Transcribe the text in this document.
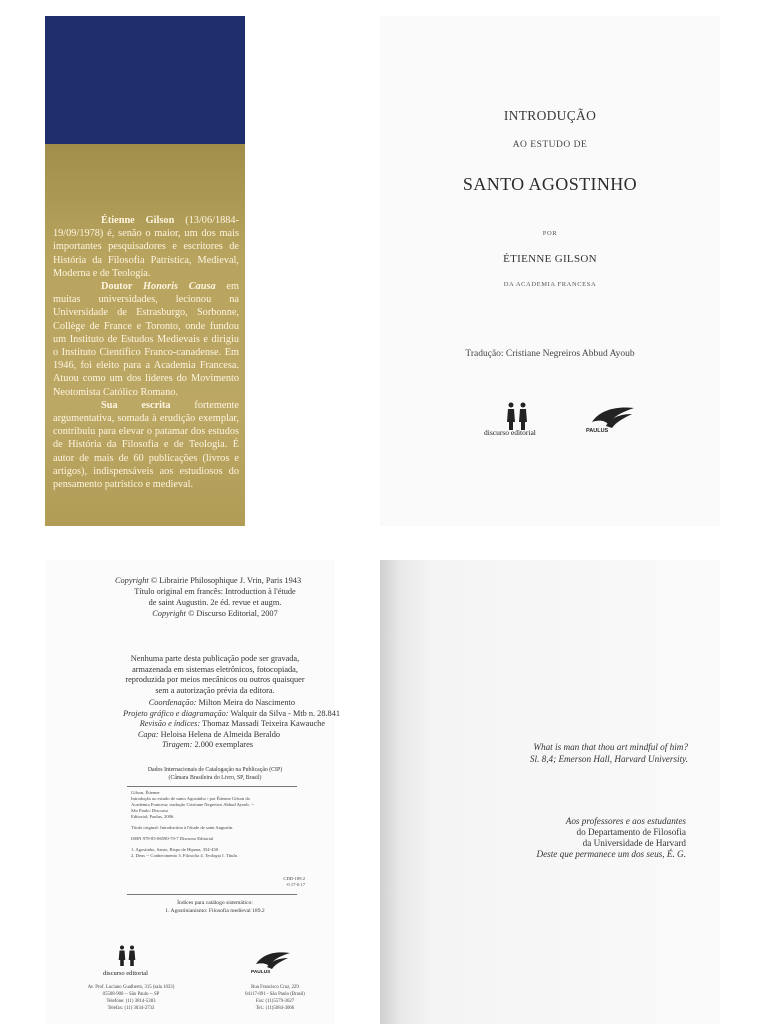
Étienne Gilson (13/06/1884-19/09/1978) é, senão o maior, um dos mais importantes pesquisadores e escritores de História da Filosofia Patrística, Medieval, Moderna e de Teologia.

Doutor Honoris Causa em muitas universidades, lecionou na Universidade de Estrasburgo, Sorbonne, Collège de France e Toronto, onde fundou um Instituto de Estudos Medievais e dirigiu o Instituto Científico Franco-canadense. Em 1946, foi eleito para a Academia Francesa. Atuou como um dos líderes do Movimento Neotomista Católico Romano.

Sua escrita fortemente argumentativa, somada à erudição exemplar, contribuiu para elevar o patamar dos estudos de História da Filosofia e de Teologia. É autor de mais de 60 publicações (livros e artigos), indispensáveis aos estudiosos do pensamento patrístico e medieval.

INTRODUÇÃO
AO ESTUDO DE
SANTO AGOSTINHO
POR
ÉTIENNE GILSON
DA ACADEMIA FRANCESA
Tradução: Cristiane Negreiros Abbud Ayoub
discurso editorial	PAULUS
Copyright © Librairie Philosophique J. Vrin, Paris 1943
Título original em francês: Introduction à l'étude
de saint Augustin. 2e éd. revue et augm.
Copyright © Discurso Editorial, 2007
Nenhuma parte desta publicação pode ser gravada,
armazenada em sistemas eletrônicos, fotocopiada,
reproduzida por meios mecânicos ou outros quaisquer
sem a autorização prévia da editora.
Coordenação: Milton Meira do Nascimento
Projeto gráfico e diagramação: Walquir da Silva - Mtb n. 28.841
Revisão e índices: Thomaz Massadi Teixeira Kawauche
Capa: Heloisa Helena de Almeida Beraldo
Tiragem: 2.000 exemplares
Dados Internacionais de Catalogação na Publicação (CIP)
(Câmara Brasileira do Livro, SP, Brasil)
Gilson, Étienne
Introdução ao estudo de santo Agostinho / por Étienne Gilson da
Academia Francesa; tradução Cristiane Negreiros Abbud Ayoub. --
São Paulo: Discurso
Editorial; Paulus, 2006.
Título original: Introduction à l'étude de saint Augustin.
ISBN 978-85-86590-70-7 Discurso Editorial
1. Agostinho, Santo, Bispo de Hipona, 354-430
2. Deus -- Conhecimento 3. Filosofia 4. Teologia I. Título.
CDD-189.2
-0.17-0.17
Índices para catálogo sistemático:
1. Agostinianismo: Filosofia medieval 189.2
discurso editorial
Av. Prof. Luciano Gualberto, 315 (sala 1033)
05508-900 -- São Paulo -- SP
Telefone: (11) 3814-5383
Telefax: (11) 3034-2733
PAULUS
Rua Francisco Cruz, 229
04117-091 - São Paulo (Brasil)
Fax: (11)5579-3627
Tel.: (11)5084-3066
What is man that thou art mindful of him?
Sl. 8,4; Emerson Hall, Harvard University.
Aos professores e aos estudantes
do Departamento de Filosofia
da Universidade de Harvard
Deste que permanece um dos seus, É. G.
